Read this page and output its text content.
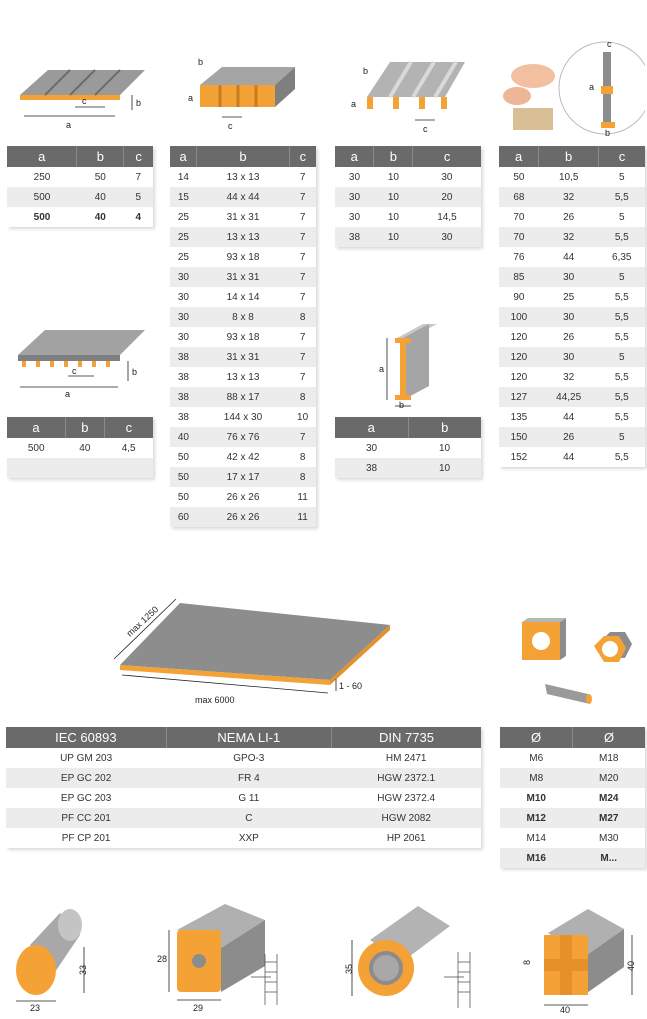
a
c	b
b
a
c
b
a
c
a
b
c
a	b	c
250	50	7
500	40	5
500	40	4
a	b	c
14	13 x 13	7
15	44 x 44	7
25	31 x 31	7
25	13 x 13	7
25	93 x 18	7
30	31 x 31	7
30	14 x 14	7
30	8 x 8	8
30	93 x 18	7
38	31 x 31	7
38	13 x 13	7
38	88 x 17	8
38	144 x 30	10
40	76 x 76	7
50	42 x 42	8
50	17 x 17	8
50	26 x 26	11
60	26 x 26	11
a	b	c
30	10	30
30	10	20
30	10	14,5
38	10	30
a	b	c
50	10,5	5
68	32	5,5
70	26	5
70	32	5,5
76	44	6,35
85	30	5
90	25	5,5
100	30	5,5
120	26	5,5
120	30	5
120	32	5,5
127	44,25	5,5
135	44	5,5
150	26	5
152	44	5,5
a
c	b	a
b
a	b	c
500	40	4,5

a	b
30	10
38	10
max 6000
max 1250
1 - 60
IEC 60893	NEMA LI-1	DIN 7735
UP GM 203	GPO-3	HM 2471
EP GC 202	FR 4	HGW 2372.1
EP GC 203	G 11	HGW 2372.4
PF CC 201	C	HGW 2082
PF CP 201	XXP	HP 2061
Ø	Ø
M6	M18
M8	M20
M10	M24
M12	M27
M14	M30
M16	M...
33
23
28
29
35	40
40
8
